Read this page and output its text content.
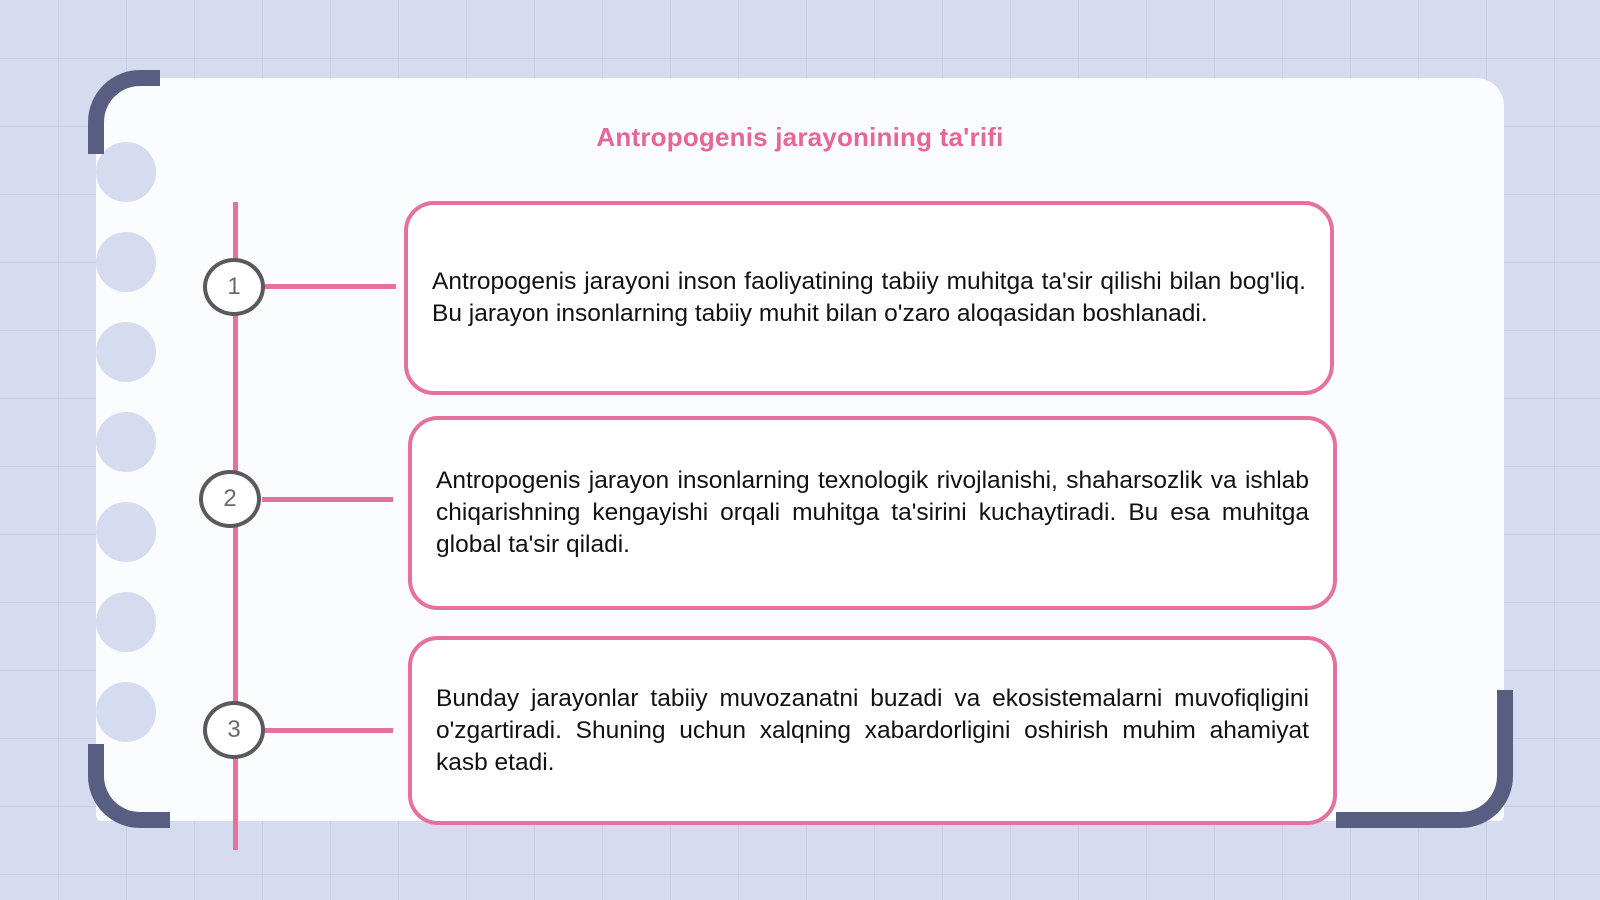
Antropogenis jarayonining ta'rifi
1
2
3

Antropogenis jarayoni inson faoliyatining tabiiy muhitga ta'sir qilishi bilan bog'liq. Bu jarayon insonlarning tabiiy muhit bilan o'zaro aloqasidan boshlanadi.

Antropogenis jarayon insonlarning texnologik rivojlanishi, shaharsozlik va ishlab chiqarishning kengayishi orqali muhitga ta'sirini kuchaytiradi. Bu esa muhitga global ta'sir qiladi.

Bunday jarayonlar tabiiy muvozanatni buzadi va ekosistemalarni muvofiqligini o'zgartiradi. Shuning uchun xalqning xabardorligini oshirish muhim ahamiyat kasb etadi.
